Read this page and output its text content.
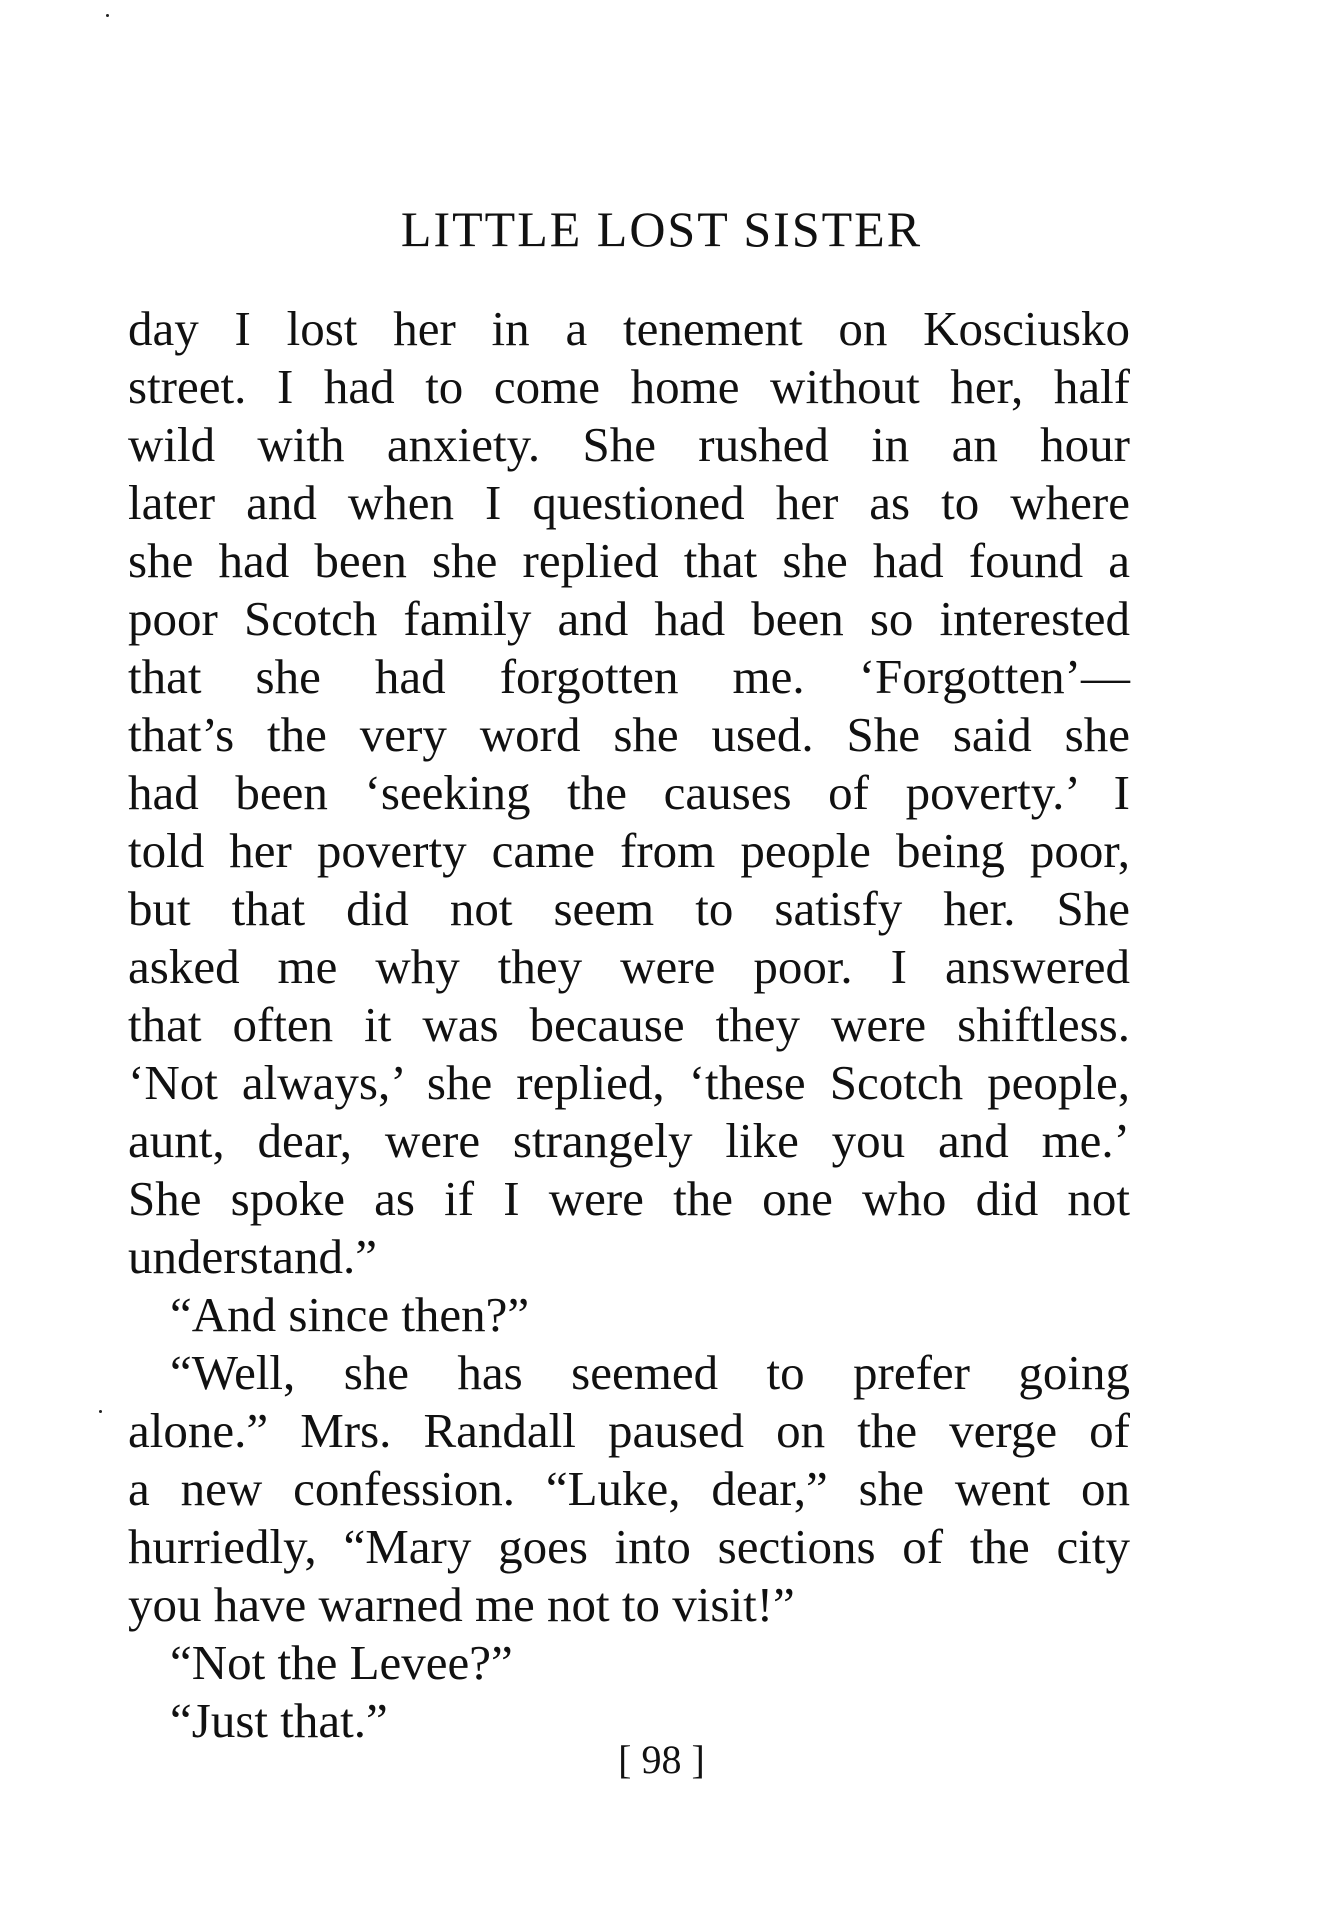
LITTLE LOST SISTER

day I lost her in a tenement on Kosciusko

street. I had to come home without her, half

wild with anxiety. She rushed in an hour

later and when I questioned her as to where

she had been she replied that she had found a

poor Scotch family and had been so interested

that she had forgotten me. ‘Forgotten’—

that’s the very word she used. She said she

had been ‘seeking the causes of poverty.’ I

told her poverty came from people being poor,

but that did not seem to satisfy her. She

asked me why they were poor. I answered

that often it was because they were shiftless.

‘Not always,’ she replied, ‘these Scotch people,

aunt, dear, were strangely like you and me.’

She spoke as if I were the one who did not

understand.”

“And since then?”

“Well, she has seemed to prefer going

alone.” Mrs. Randall paused on the verge of

a new confession. “Luke, dear,” she went on

hurriedly, “Mary goes into sections of the city

you have warned me not to visit!”

“Not the Levee?”

“Just that.”

[ 98 ]
